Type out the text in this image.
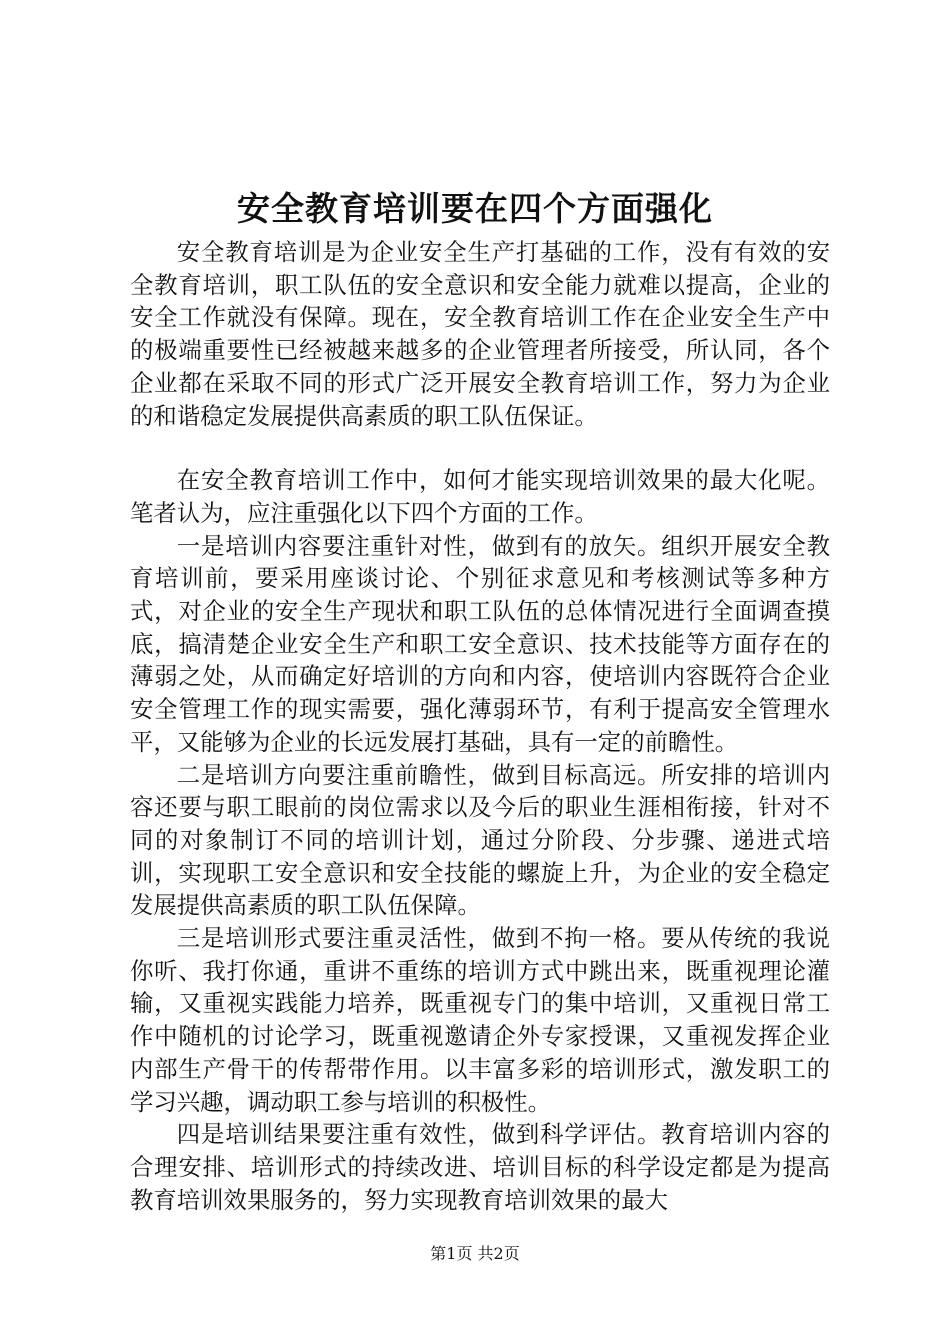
安全教育培训要在四个方面强化

安全教育培训是为企业安全生产打基础的工作，没有有效的安全教育培训，职工队伍的安全意识和安全能力就难以提高，企业的安全工作就没有保障。现在，安全教育培训工作在企业安全生产中的极端重要性已经被越来越多的企业管理者所接受，所认同，各个企业都在采取不同的形式广泛开展安全教育培训工作，努力为企业的和谐稳定发展提供高素质的职工队伍保证。

在安全教育培训工作中，如何才能实现培训效果的最大化呢。笔者认为，应注重强化以下四个方面的工作。

一是培训内容要注重针对性，做到有的放矢。组织开展安全教育培训前，要采用座谈讨论、个别征求意见和考核测试等多种方式，对企业的安全生产现状和职工队伍的总体情况进行全面调查摸底，搞清楚企业安全生产和职工安全意识、技术技能等方面存在的薄弱之处，从而确定好培训的方向和内容，使培训内容既符合企业安全管理工作的现实需要，强化薄弱环节，有利于提高安全管理水平，又能够为企业的长远发展打基础，具有一定的前瞻性。

二是培训方向要注重前瞻性，做到目标高远。所安排的培训内容还要与职工眼前的岗位需求以及今后的职业生涯相衔接，针对不同的对象制订不同的培训计划，通过分阶段、分步骤、递进式培训，实现职工安全意识和安全技能的螺旋上升，为企业的安全稳定发展提供高素质的职工队伍保障。

三是培训形式要注重灵活性，做到不拘一格。要从传统的我说你听、我打你通，重讲不重练的培训方式中跳出来，既重视理论灌输，又重视实践能力培养，既重视专门的集中培训，又重视日常工作中随机的讨论学习，既重视邀请企外专家授课，又重视发挥企业内部生产骨干的传帮带作用。以丰富多彩的培训形式，激发职工的学习兴趣，调动职工参与培训的积极性。

四是培训结果要注重有效性，做到科学评估。教育培训内容的合理安排、培训形式的持续改进、培训目标的科学设定都是为提高教育培训效果服务的，努力实现教育培训效果的最大

第1页 共2页
